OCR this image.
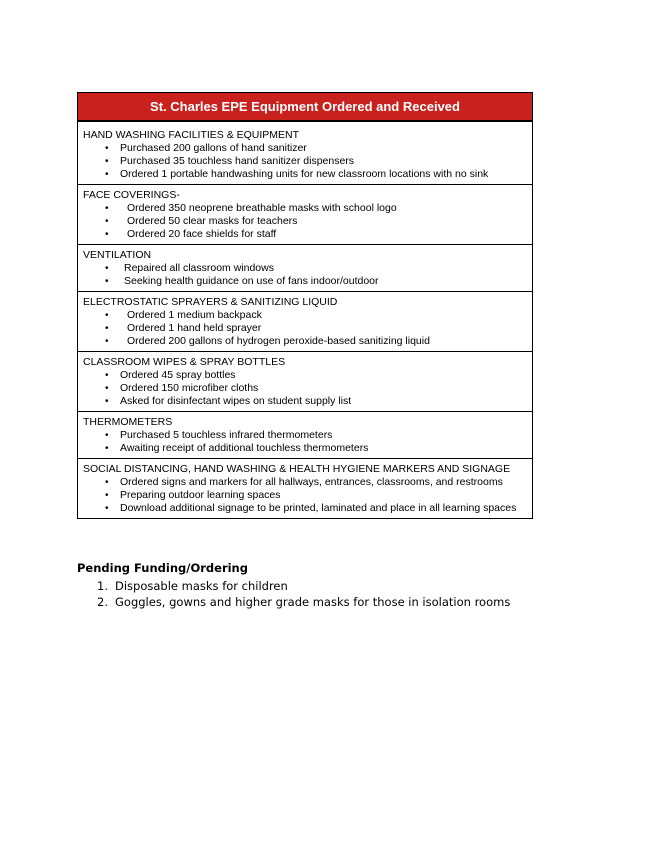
St. Charles EPE Equipment Ordered and Received
HAND WASHING FACILITIES & EQUIPMENT
• Purchased 200 gallons of hand sanitizer
• Purchased 35 touchless hand sanitizer dispensers
• Ordered 1 portable handwashing units for new classroom locations with no sink
FACE COVERINGS-
• Ordered 350 neoprene breathable masks with school logo
• Ordered 50 clear masks for teachers
• Ordered 20 face shields for staff
VENTILATION
• Repaired all classroom windows
• Seeking health guidance on use of fans indoor/outdoor
ELECTROSTATIC SPRAYERS & SANITIZING LIQUID
• Ordered 1 medium backpack
• Ordered 1 hand held sprayer
• Ordered 200 gallons of hydrogen peroxide-based sanitizing liquid
CLASSROOM WIPES & SPRAY BOTTLES
• Ordered 45 spray bottles
• Ordered 150 microfiber cloths
• Asked for disinfectant wipes on student supply list
THERMOMETERS
• Purchased 5 touchless infrared thermometers
• Awaiting receipt of additional touchless thermometers
SOCIAL DISTANCING, HAND WASHING & HEALTH HYGIENE MARKERS AND SIGNAGE
• Ordered signs and markers for all hallways, entrances, classrooms, and restrooms
• Preparing outdoor learning spaces
• Download additional signage to be printed, laminated and place in all learning spaces
Pending Funding/Ordering
1. Disposable masks for children
2. Goggles, gowns and higher grade masks for those in isolation rooms
